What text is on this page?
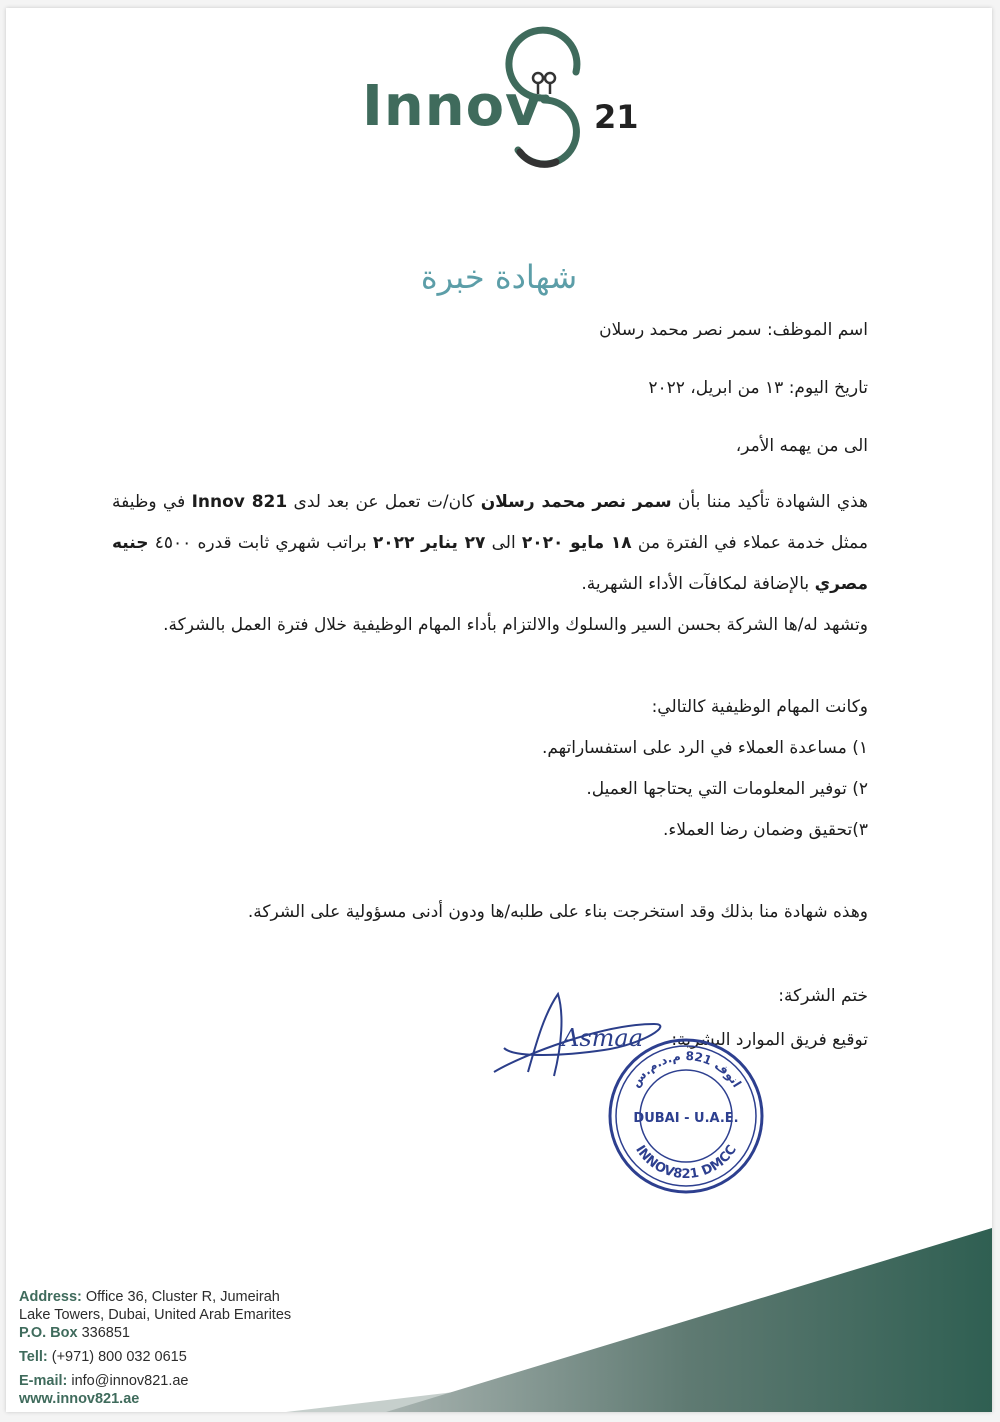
Innov 21
شهادة خبرة
اسم الموظف: سمر نصر محمد رسلان
تاريخ اليوم: ١٣ من ابريل، ٢٠٢٢
الى من يهمه الأمر،
هذي الشهادة تأكيد مننا بأن سمر نصر محمد رسلان كان/ت تعمل عن بعد لدى Innov 821 في وظيفة ممثل خدمة عملاء في الفترة من ١٨ مايو ٢٠٢٠ الى ٢٧ يناير ٢٠٢٢ براتب شهري ثابت قدره ٤٥٠٠ جنيه مصري بالإضافة لمكافآت الأداء الشهرية.
وتشهد له/ها الشركة بحسن السير والسلوك والالتزام بأداء المهام الوظيفية خلال فترة العمل بالشركة.
وكانت المهام الوظيفية كالتالي:
١) مساعدة العملاء في الرد على استفساراتهم.
٢) توفير المعلومات التي يحتاجها العميل.
٣)تحقيق وضمان رضا العملاء.
وهذه شهادة منا بذلك وقد استخرجت بناء على طلبه/ها ودون أدنى مسؤولية على الشركة.
ختم الشركة:
توقيع فريق الموارد البشرية:
Asmaa
انوف 821 م.د.م.س
DUBAI - U.A.E.
INNOV821 DMCC
Address: Office 36, Cluster R, Jumeirah
Lake Towers, Dubai, United Arab Emarites
P.O. Box 336851
Tell: (+971) 800 032 0615
E-mail: info@innov821.ae
www.innov821.ae
